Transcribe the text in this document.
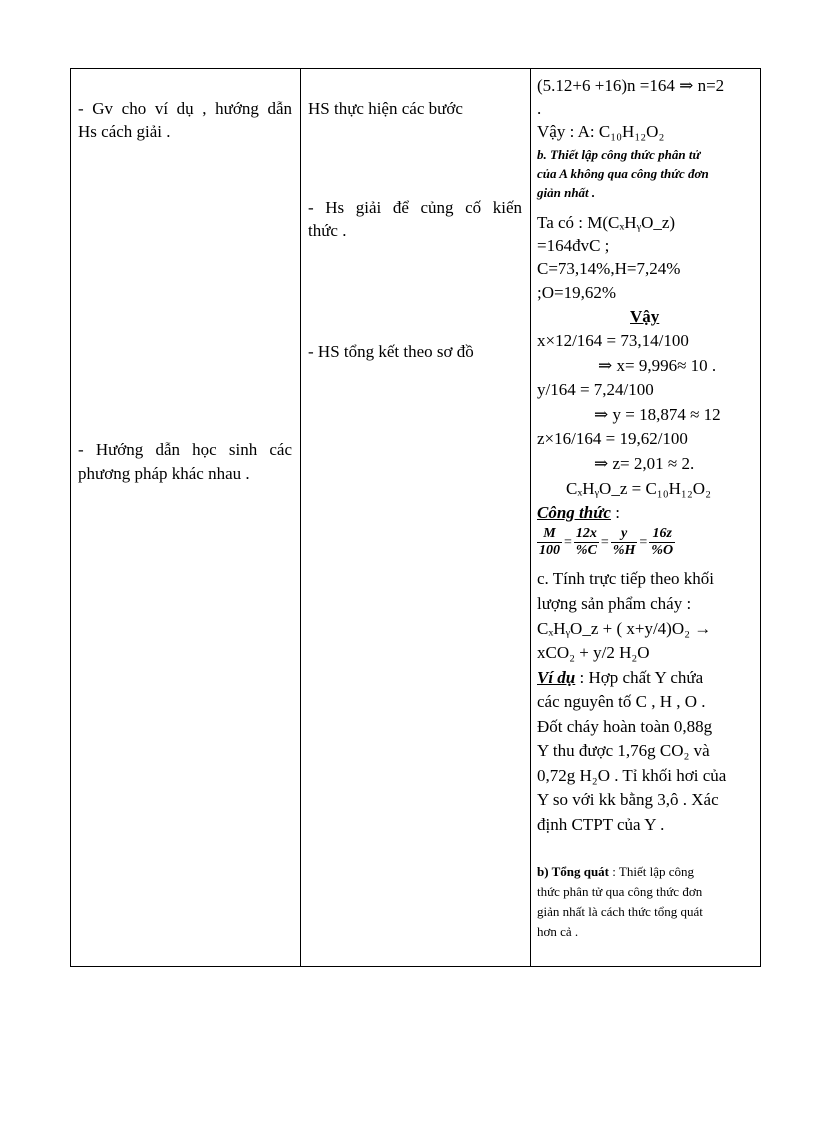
- Gv cho ví dụ , hướng dẫn
Hs cách giải .
- Hướng dẫn học sinh các
phương pháp khác nhau .
HS thực hiện các bước
- Hs giải để củng cố kiến
thức .
- HS tổng kết theo sơ đồ
(5.12+6 +16)n =164 ⇒ n=2
.
Vậy : A: C₁₀H₁₂O₂
b. Thiết lập công thức phân tử
của A không qua công thức đơn
giản nhất .
Ta có : M(CₓHᵧO_z)
=164đvC ;
C=73,14%,H=7,24%
;O=19,62%
Vậy
x×12/164 = 73,14/100
⇒ x= 9,996≈ 10 .
y/164 = 7,24/100
⇒ y = 18,874 ≈ 12
z×16/164 = 19,62/100
⇒ z= 2,01 ≈ 2.
CₓHᵧO_z = C₁₀H₁₂O₂
Công thức :
$\frac{M}{100} = \frac{12x}{\%C} = \frac{y}{\%H} = \frac{16z}{\%O}$
c. Tính trực tiếp theo khối
lượng sản phẩm cháy :
CₓHᵧO_z + ( x+y/4)O₂ →
xCO₂ + y/2 H₂O
Ví dụ : Hợp chất Y chứa
các nguyên tố C , H , O .
Đốt cháy hoàn toàn 0,88g
Y thu được 1,76g CO₂ và
0,72g H₂O . Tỉ khối hơi của
Y so với kk bằng 3,ô . Xác
định CTPT của Y .
b) Tổng quát : Thiết lập công
thức phân tử qua công thức đơn
giản nhất là cách thức tổng quát
hơn cả .
